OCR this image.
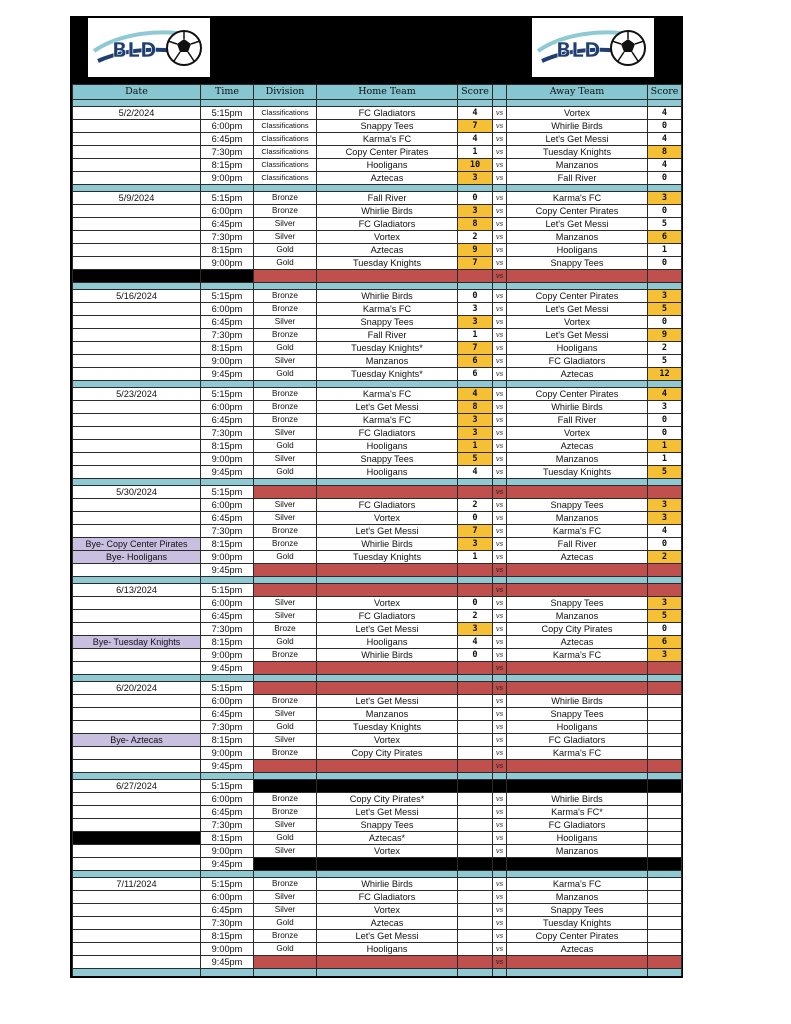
BLD	BLD
Date	Time	Division	Home Team	Score		Away Team	Score

5/2/2024	5:15pm	Classifications	FC Gladiators	4	vs	Vortex	4
	6:00pm	Classifications	Snappy Tees	7	vs	Whirlie Birds	0
	6:45pm	Classifications	Karma's FC	4	vs	Let's Get Messi	4
	7:30pm	Classifications	Copy Center Pirates	1	vs	Tuesday Knights	8
	8:15pm	Classifications	Hooligans	10	vs	Manzanos	4
	9:00pm	Classifications	Aztecas	3	vs	Fall River	0

5/9/2024	5:15pm	Bronze	Fall River	0	vs	Karma's FC	3
	6:00pm	Bronze	Whirlie Birds	3	vs	Copy Center Pirates	0
	6:45pm	Silver	FC Gladiators	8	vs	Let's Get Messi	5
	7:30pm	Silver	Vortex	2	vs	Manzanos	6
	8:15pm	Gold	Aztecas	9	vs	Hooligans	1
	9:00pm	Gold	Tuesday Knights	7	vs	Snappy Tees	0
					vs		

5/16/2024	5:15pm	Bronze	Whirlie Birds	0	vs	Copy Center Pirates	3
	6:00pm	Bronze	Karma's FC	3	vs	Let's Get Messi	5
	6:45pm	Silver	Snappy Tees	3	vs	Vortex	0
	7:30pm	Bronze	Fall River	1	vs	Let's Get Messi	9
	8:15pm	Gold	Tuesday Knights*	7	vs	Hooligans	2
	9:00pm	Silver	Manzanos	6	vs	FC Gladiators	5
	9:45pm	Gold	Tuesday Knights*	6	vs	Aztecas	12

5/23/2024	5:15pm	Bronze	Karma's FC	4	vs	Copy Center Pirates	4
	6:00pm	Bronze	Let's Get Messi	8	vs	Whirlie Birds	3
	6:45pm	Bronze	Karma's FC	3	vs	Fall River	0
	7:30pm	Silver	FC Gladiators	3	vs	Vortex	0
	8:15pm	Gold	Hooligans	1	vs	Aztecas	1
	9:00pm	Silver	Snappy Tees	5	vs	Manzanos	1
	9:45pm	Gold	Hooligans	4	vs	Tuesday Knights	5

5/30/2024	5:15pm				vs		
	6:00pm	Silver	FC Gladiators	2	vs	Snappy Tees	3
	6:45pm	Silver	Vortex	0	vs	Manzanos	3
	7:30pm	Bronze	Let's Get Messi	7	vs	Karma's FC	4
Bye- Copy Center Pirates	8:15pm	Bronze	Whirlie Birds	3	vs	Fall River	0
Bye- Hooligans	9:00pm	Gold	Tuesday Knights	1	vs	Aztecas	2
	9:45pm				vs		

6/13/2024	5:15pm				vs		
	6:00pm	Silver	Vortex	0	vs	Snappy Tees	3
	6:45pm	Silver	FC Gladiators	2	vs	Manzanos	5
	7:30pm	Broze	Let's Get Messi	3	vs	Copy City Pirates	0
Bye- Tuesday Knights	8:15pm	Gold	Hooligans	4	vs	Aztecas	6
	9:00pm	Bronze	Whirlie Birds	0	vs	Karma's FC	3
	9:45pm				vs		

6/20/2024	5:15pm				vs		
	6:00pm	Bronze	Let's Get Messi		vs	Whirlie Birds	
	6:45pm	Silver	Manzanos		vs	Snappy Tees	
	7:30pm	Gold	Tuesday Knights		vs	Hooligans	
Bye- Aztecas	8:15pm	Silver	Vortex		vs	FC Gladiators	
	9:00pm	Bronze	Copy City Pirates		vs	Karma's FC	
	9:45pm				vs		

6/27/2024	5:15pm						
	6:00pm	Bronze	Copy City Pirates*		vs	Whirlie Birds	
	6:45pm	Bronze	Let's Get Messi		vs	Karma's FC*	
	7:30pm	Silver	Snappy Tees		vs	FC Gladiators	
	8:15pm	Gold	Aztecas*		vs	Hooligans	
	9:00pm	Silver	Vortex		vs	Manzanos	
	9:45pm						

7/11/2024	5:15pm	Bronze	Whirlie Birds		vs	Karma's FC	
	6:00pm	Silver	FC Gladiators		vs	Manzanos	
	6:45pm	Silver	Vortex		vs	Snappy Tees	
	7:30pm	Gold	Aztecas		vs	Tuesday Knights	
	8:15pm	Bronze	Let's Get Messi		vs	Copy Center Pirates	
	9:00pm	Gold	Hooligans		vs	Aztecas	
	9:45pm				vs		
